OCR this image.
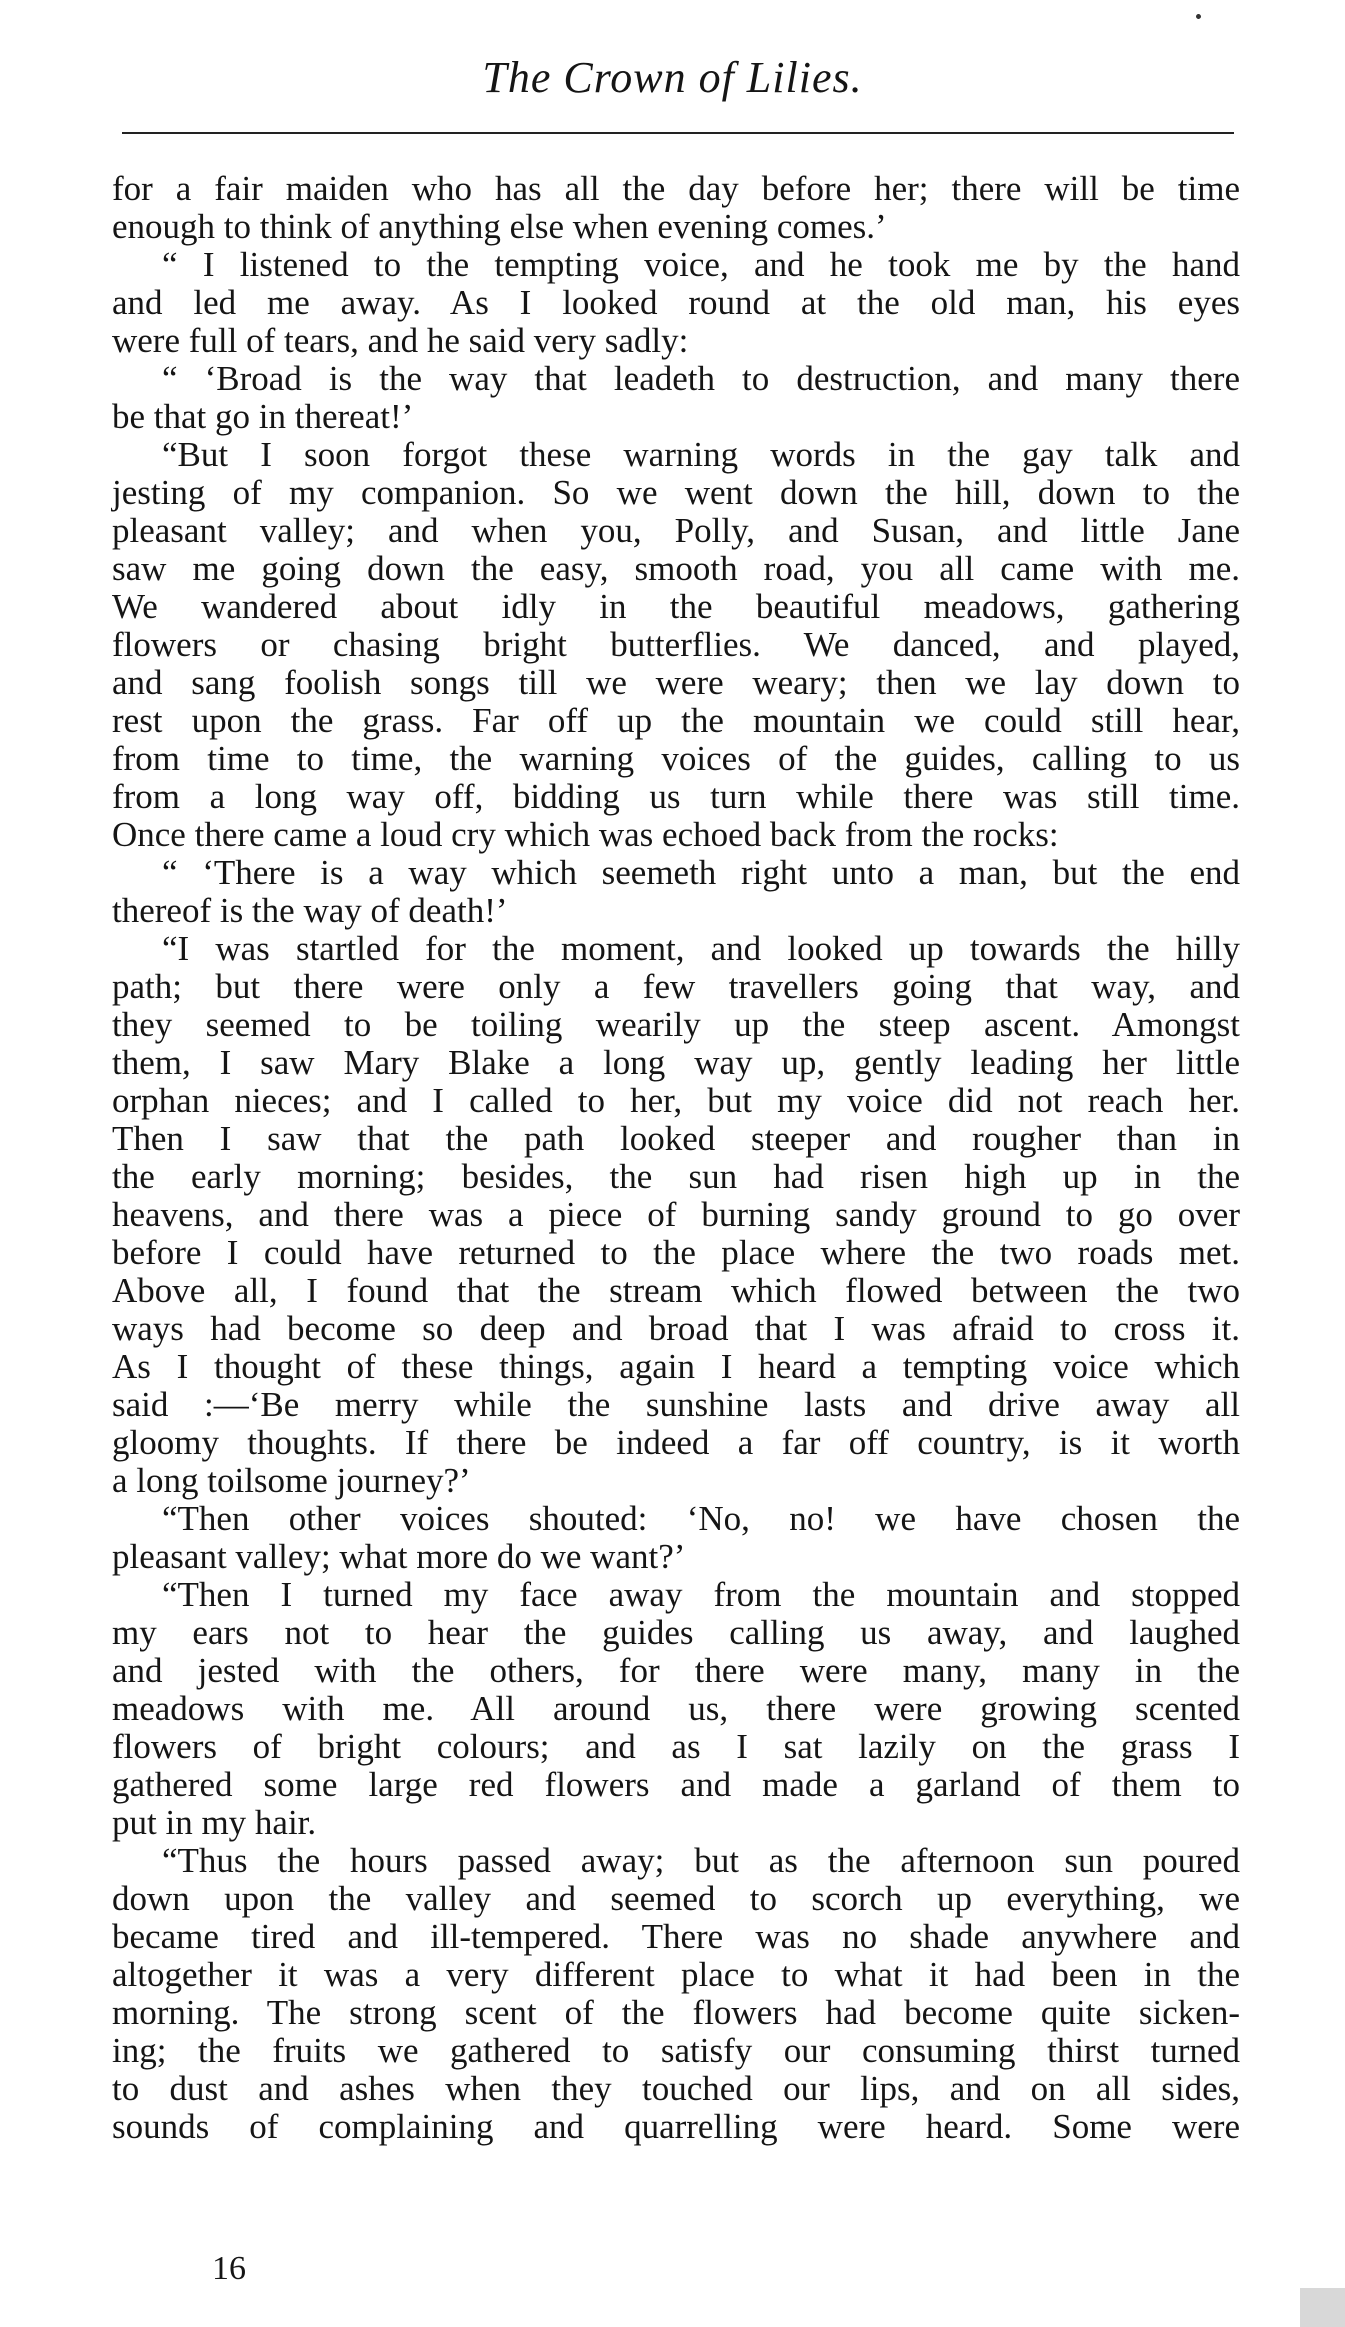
The Crown of Lilies.
for a fair maiden who has all the day before her; there will be time
enough to think of anything else when evening comes.’
“ I listened to the tempting voice, and he took me by the hand
and led me away. As I looked round at the old man, his eyes
were full of tears, and he said very sadly:
“ ‘Broad is the way that leadeth to destruction, and many there
be that go in thereat!’
“But I soon forgot these warning words in the gay talk and
jesting of my companion. So we went down the hill, down to the
pleasant valley; and when you, Polly, and Susan, and little Jane
saw me going down the easy, smooth road, you all came with me.
We wandered about idly in the beautiful meadows, gathering
flowers or chasing bright butterflies. We danced, and played,
and sang foolish songs till we were weary; then we lay down to
rest upon the grass. Far off up the mountain we could still hear,
from time to time, the warning voices of the guides, calling to us
from a long way off, bidding us turn while there was still time.
Once there came a loud cry which was echoed back from the rocks:
“ ‘There is a way which seemeth right unto a man, but the end
thereof is the way of death!’
“I was startled for the moment, and looked up towards the hilly
path; but there were only a few travellers going that way, and
they seemed to be toiling wearily up the steep ascent. Amongst
them, I saw Mary Blake a long way up, gently leading her little
orphan nieces; and I called to her, but my voice did not reach her.
Then I saw that the path looked steeper and rougher than in
the early morning; besides, the sun had risen high up in the
heavens, and there was a piece of burning sandy ground to go over
before I could have returned to the place where the two roads met.
Above all, I found that the stream which flowed between the two
ways had become so deep and broad that I was afraid to cross it.
As I thought of these things, again I heard a tempting voice which
said :—‘Be merry while the sunshine lasts and drive away all
gloomy thoughts. If there be indeed a far off country, is it worth
a long toilsome journey?’
“Then other voices shouted: ‘No, no! we have chosen the
pleasant valley; what more do we want?’
“Then I turned my face away from the mountain and stopped
my ears not to hear the guides calling us away, and laughed
and jested with the others, for there were many, many in the
meadows with me. All around us, there were growing scented
flowers of bright colours; and as I sat lazily on the grass I
gathered some large red flowers and made a garland of them to
put in my hair.
“Thus the hours passed away; but as the afternoon sun poured
down upon the valley and seemed to scorch up everything, we
became tired and ill-tempered. There was no shade anywhere and
altogether it was a very different place to what it had been in the
morning. The strong scent of the flowers had become quite sicken-
ing; the fruits we gathered to satisfy our consuming thirst turned
to dust and ashes when they touched our lips, and on all sides,
sounds of complaining and quarrelling were heard. Some were
16
